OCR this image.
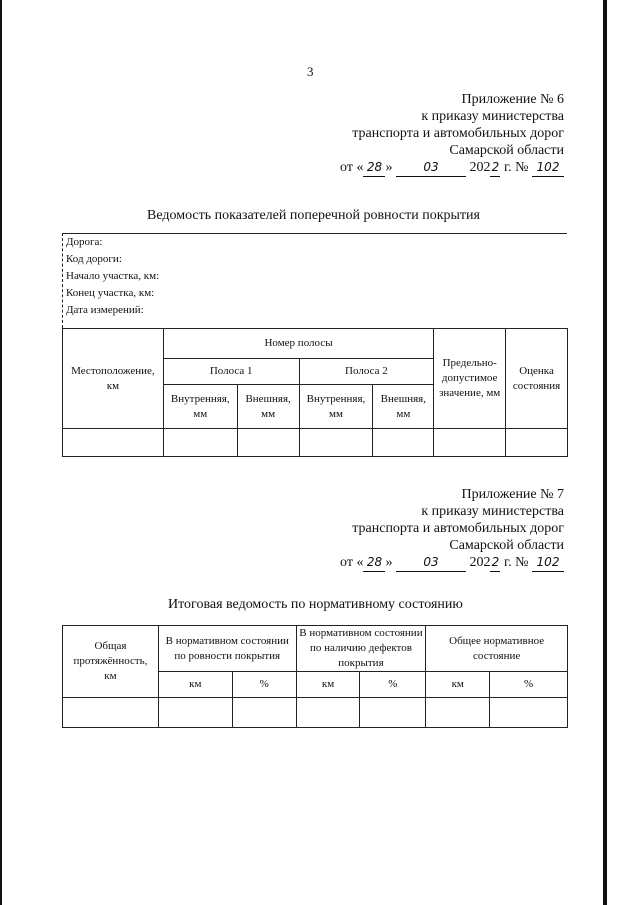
3
Приложение № 6
к приказу министерства
транспорта и автомобильных дорог
Самарской области
от « 28 »	03 2022 г. № 102
Ведомость показателей поперечной ровности покрытия
Дорога:
Код дороги:
Начало участка, км:
Конец участка, км:
Дата измерений:
Местоположение, км	Номер полосы				Предельно-допустимое значение, мм	Оценка состояния
	Полоса 1		Полоса 2			
	Внутренняя, мм	Внешняя, мм	Внутренняя, мм	Внешняя, мм		

Приложение № 7
к приказу министерства
транспорта и автомобильных дорог
Самарской области
от « 28 »	03 2022 г. № 102
Итоговая ведомость по нормативному состоянию
Общая протяжённость,
км	В нормативном состоянии по ровности покрытия		В нормативном состоянии по наличию дефектов покрытия		Общее нормативное состояние	
	км	%	км	%	км	%
